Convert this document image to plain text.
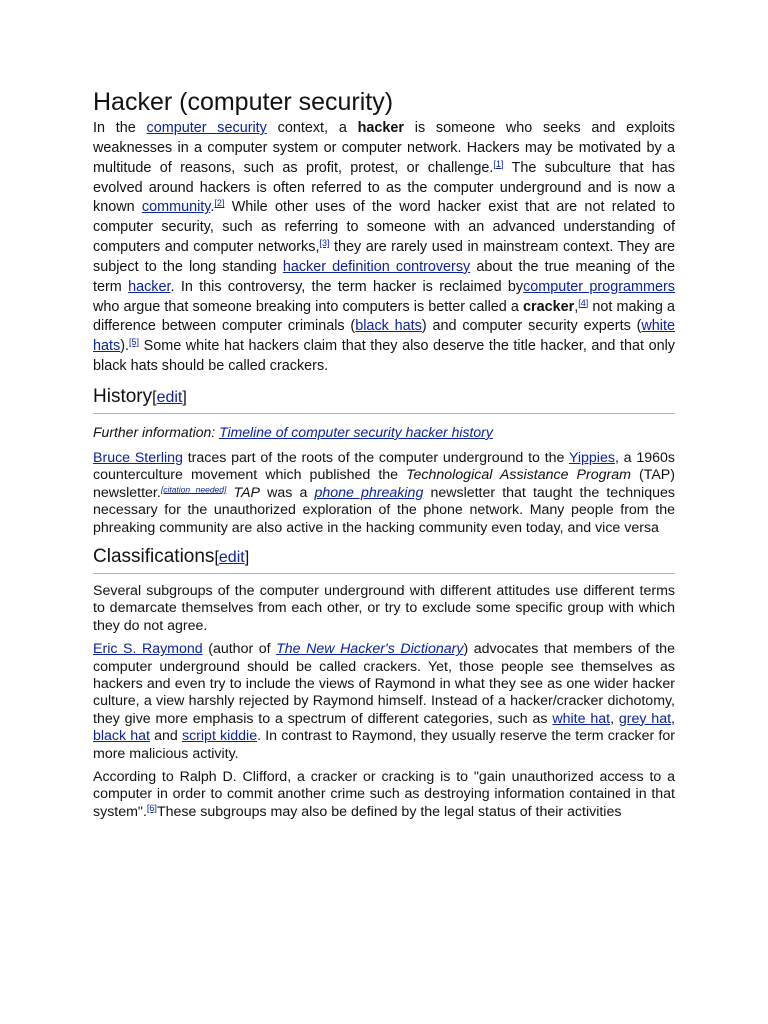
Hacker (computer security)

In the computer security context, a hacker is someone who seeks and exploits weaknesses in a computer system or computer network. Hackers may be motivated by a multitude of reasons, such as profit, protest, or challenge.[1] The subculture that has evolved around hackers is often referred to as the computer underground and is now a known community.[2] While other uses of the word hacker exist that are not related to computer security, such as referring to someone with an advanced understanding of computers and computer networks,[3] they are rarely used in mainstream context. They are subject to the long standing hacker definition controversy about the true meaning of the term hacker. In this controversy, the term hacker is reclaimed bycomputer programmers who argue that someone breaking into computers is better called a cracker,[4] not making a difference between computer criminals (black hats) and computer security experts (white hats).[5] Some white hat hackers claim that they also deserve the title hacker, and that only black hats should be called crackers.

History[edit]

Further information: Timeline of computer security hacker history

Bruce Sterling traces part of the roots of the computer underground to the Yippies, a 1960s counterculture movement which published the Technological Assistance Program (TAP) newsletter.[citation needed] TAP was a phone phreaking newsletter that taught the techniques necessary for the unauthorized exploration of the phone network. Many people from the phreaking community are also active in the hacking community even today, and vice versa

Classifications[edit]

Several subgroups of the computer underground with different attitudes use different terms to demarcate themselves from each other, or try to exclude some specific group with which they do not agree.

Eric S. Raymond (author of The New Hacker's Dictionary) advocates that members of the computer underground should be called crackers. Yet, those people see themselves as hackers and even try to include the views of Raymond in what they see as one wider hacker culture, a view harshly rejected by Raymond himself. Instead of a hacker/cracker dichotomy, they give more emphasis to a spectrum of different categories, such as white hat, grey hat, black hat and script kiddie. In contrast to Raymond, they usually reserve the term cracker for more malicious activity.

According to Ralph D. Clifford, a cracker or cracking is to "gain unauthorized access to a computer in order to commit another crime such as destroying information contained in that system".[6]These subgroups may also be defined by the legal status of their activities
